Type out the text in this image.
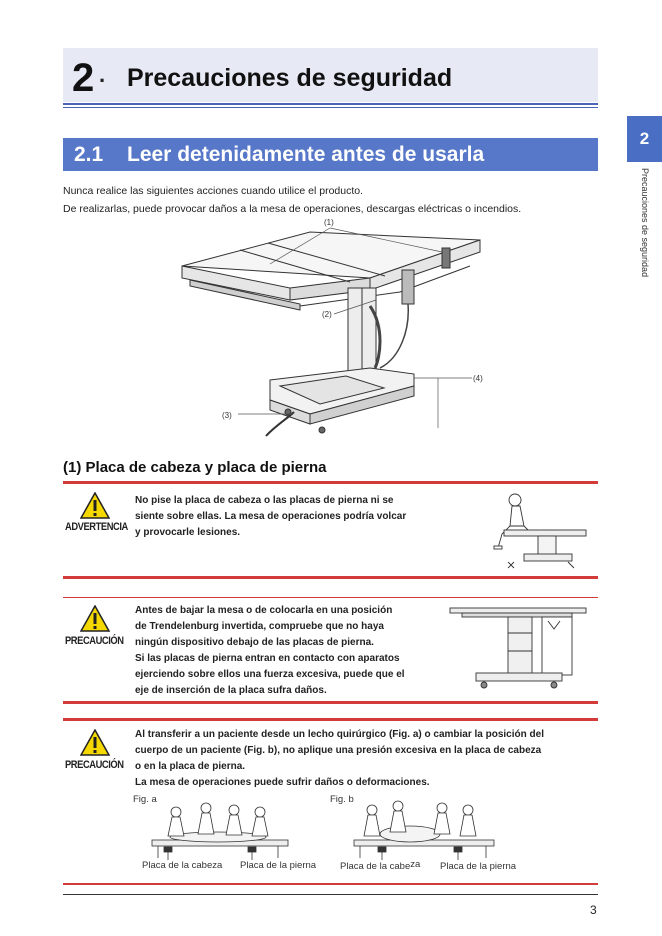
2 . Precauciones de seguridad
2
Precauciones de seguridad
2.1 Leer detenidamente antes de usarla
Nunca realice las siguientes acciones cuando utilice el producto.
De realizarlas, puede provocar daños a la mesa de operaciones, descargas eléctricas o incendios.
(1)
(2)
(3)
(4)
(1) Placa de cabeza y placa de pierna
ADVERTENCIA
No pise la placa de cabeza o las placas de pierna ni se
siente sobre ellas. La mesa de operaciones podría volcar
y provocarle lesiones.
PRECAUCIÓN
Antes de bajar la mesa o de colocarla en una posición
de Trendelenburg invertida, compruebe que no haya
ningún dispositivo debajo de las placas de pierna.
Si las placas de pierna entran en contacto con aparatos
ejerciendo sobre ellos una fuerza excesiva, puede que el
eje de inserción de la placa sufra daños.
PRECAUCIÓN
Al transferir a un paciente desde un lecho quirúrgico (Fig. a) o cambiar la posición del
cuerpo de un paciente (Fig. b), no aplique una presión excesiva en la placa de cabeza
o en la placa de pierna.
La mesa de operaciones puede sufrir daños o deformaciones.
Fig. a
Placa de la cabeza Placa de la pierna
Fig. b
Placa de la cabeza Placa de la pierna
3
